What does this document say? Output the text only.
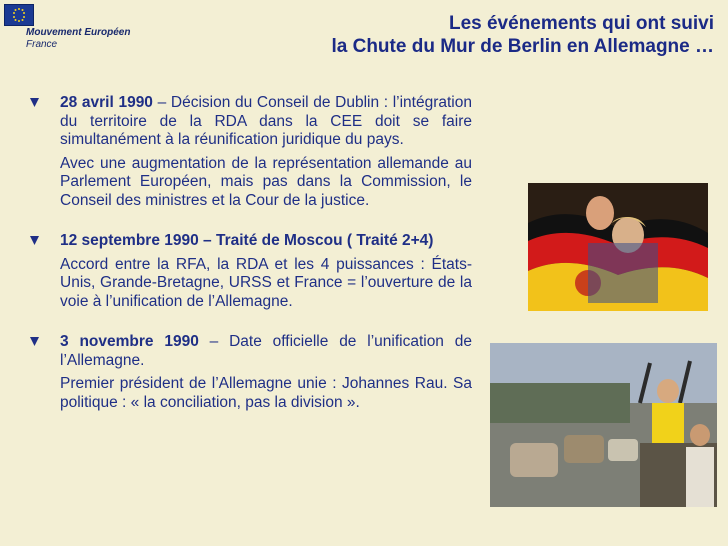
Mouvement Européen
France
Les événements qui ont suivi
la Chute du Mur de Berlin en Allemagne …

28 avril 1990 – Décision du Conseil de Dublin : l’intégration du territoire de la RDA dans la CEE doit se faire simultanément à la réunification juridique du pays.

Avec une augmentation de la représentation allemande au Parlement Européen, mais pas dans la Commission, le Conseil des ministres et la Cour de la justice.

12 septembre 1990 – Traité de Moscou ( Traité 2+4)

Accord entre la RFA, la RDA et les 4 puissances : États-Unis, Grande-Bretagne, URSS et France = l’ouverture de la voie à l’unification de l’Allemagne.

3 novembre 1990 – Date officielle de l’unification de l’Allemagne.

Premier président de l’Allemagne unie : Johannes Rau. Sa politique : « la conciliation, pas la division ».
